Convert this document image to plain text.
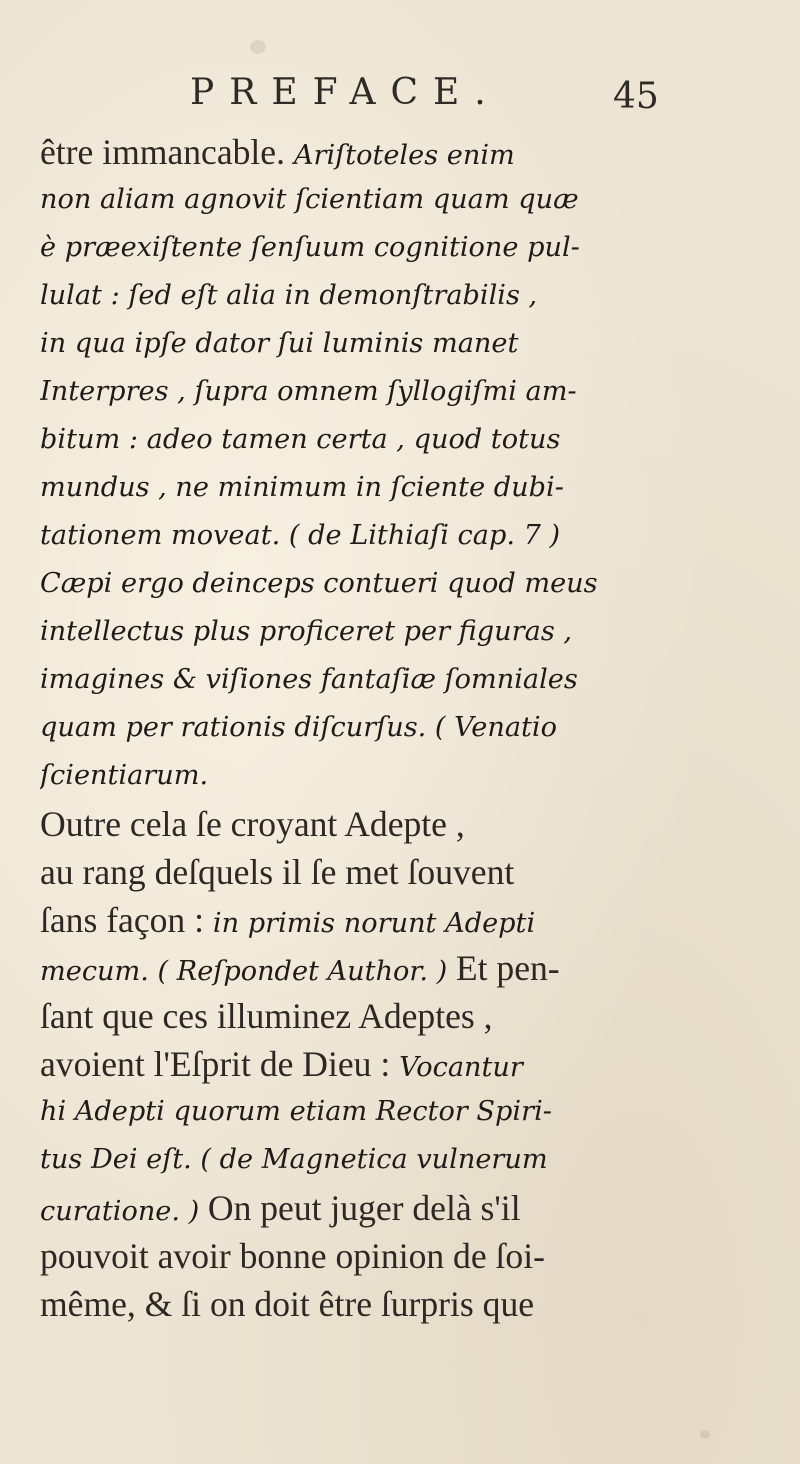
PREFACE.	45
être immancable. Ariſtoteles enim
non aliam agnovit ſcientiam quam quæ
è præexiſtente ſenſuum cognitione pul-
lulat : ſed eſt alia in demonſtrabilis ,
in qua ipſe dator ſui luminis manet
Interpres , ſupra omnem ſyllogiſmi am-
bitum : adeo tamen certa , quod totus
mundus , ne minimum in ſciente dubi-
tationem moveat. ( de Lithiaſi cap. 7 )
Cæpi ergo deinceps contueri quod meus
intellectus plus proficeret per figuras ,
imagines & viſiones fantaſiæ ſomniales
quam per rationis diſcurſus. ( Venatio
ſcientiarum.
Outre cela ſe croyant Adepte ,
au rang deſquels il ſe met ſouvent
ſans façon : in primis norunt Adepti
mecum. ( Reſpondet Author. ) Et pen-
ſant que ces illuminez Adeptes ,
avoient l'Eſprit de Dieu : Vocantur
hi Adepti quorum etiam Rector Spiri-
tus Dei eſt. ( de Magnetica vulnerum
curatione. ) On peut juger delà s'il
pouvoit avoir bonne opinion de ſoi-
même, & ſi on doit être ſurpris que
